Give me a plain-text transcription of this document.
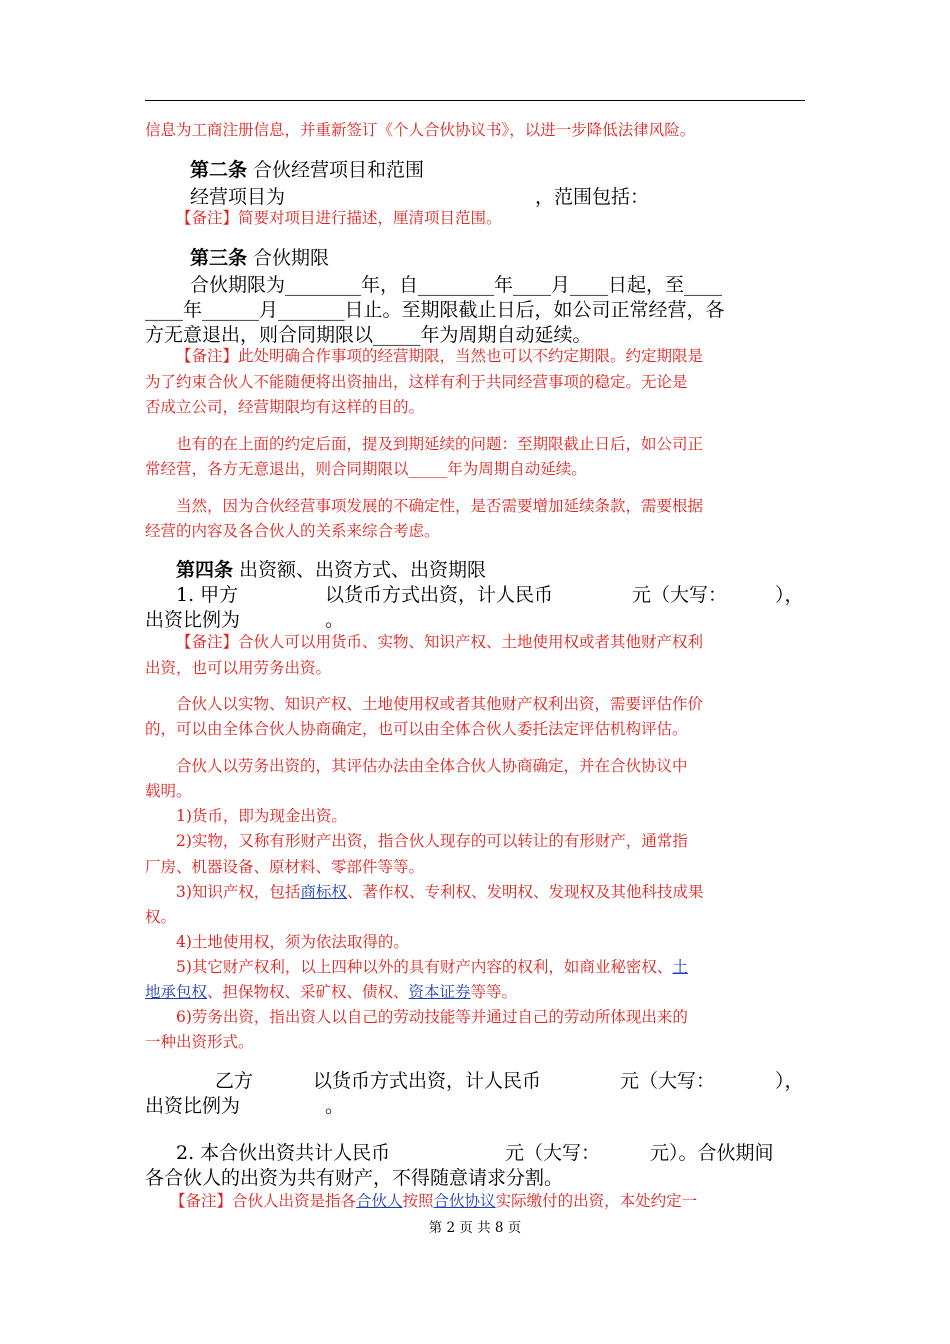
信息为工商注册信息，并重新签订《个人合伙协议书》，以进一步降低法律风险。
第二条 合伙经营项目和范围
经营项目为	，范围包括：
【备注】简要对项目进行描述，厘清项目范围。
第三条 合伙期限
合伙期限为________年，自________年____月____日起，至____
____年______月_______日止。至期限截止日后，如公司正常经营，各
方无意退出，则合同期限以_____年为周期自动延续。
【备注】此处明确合作事项的经营期限，当然也可以不约定期限。约定期限是
为了约束合伙人不能随便将出资抽出，这样有利于共同经营事项的稳定。无论是
否成立公司，经营期限均有这样的目的。
也有的在上面的约定后面，提及到期延续的问题：至期限截止日后，如公司正
常经营，各方无意退出，则合同期限以_____年为周期自动延续。
当然，因为合伙经营事项发展的不确定性，是否需要增加延续条款，需要根据
经营的内容及各合伙人的关系来综合考虑。
第四条 出资额、出资方式、出资期限
1. 甲方	以货币方式出资，计人民币	元（大写：	），
出资比例为	。
【备注】合伙人可以用货币、实物、知识产权、土地使用权或者其他财产权利
出资，也可以用劳务出资。
合伙人以实物、知识产权、土地使用权或者其他财产权利出资，需要评估作价
的，可以由全体合伙人协商确定，也可以由全体合伙人委托法定评估机构评估。
合伙人以劳务出资的，其评估办法由全体合伙人协商确定，并在合伙协议中
载明。
1)货币，即为现金出资。
2)实物，又称有形财产出资，指合伙人现存的可以转让的有形财产，通常指
厂房、机器设备、原材料、零部件等等。
3)知识产权，包括商标权、著作权、专利权、发明权、发现权及其他科技成果
权。
4)土地使用权，须为依法取得的。
5)其它财产权利，以上四种以外的具有财产内容的权利，如商业秘密权、土
地承包权、担保物权、采矿权、债权、资本证券等等。
6)劳务出资，指出资人以自己的劳动技能等并通过自己的劳动所体现出来的
一种出资形式。
乙方	以货币方式出资，计人民币	元（大写：	），
出资比例为	。
2. 本合伙出资共计人民币	元（大写：	元）。合伙期间
各合伙人的出资为共有财产，不得随意请求分割。
【备注】合伙人出资是指各合伙人按照合伙协议实际缴付的出资，本处约定一
第 2 页 共 8 页
